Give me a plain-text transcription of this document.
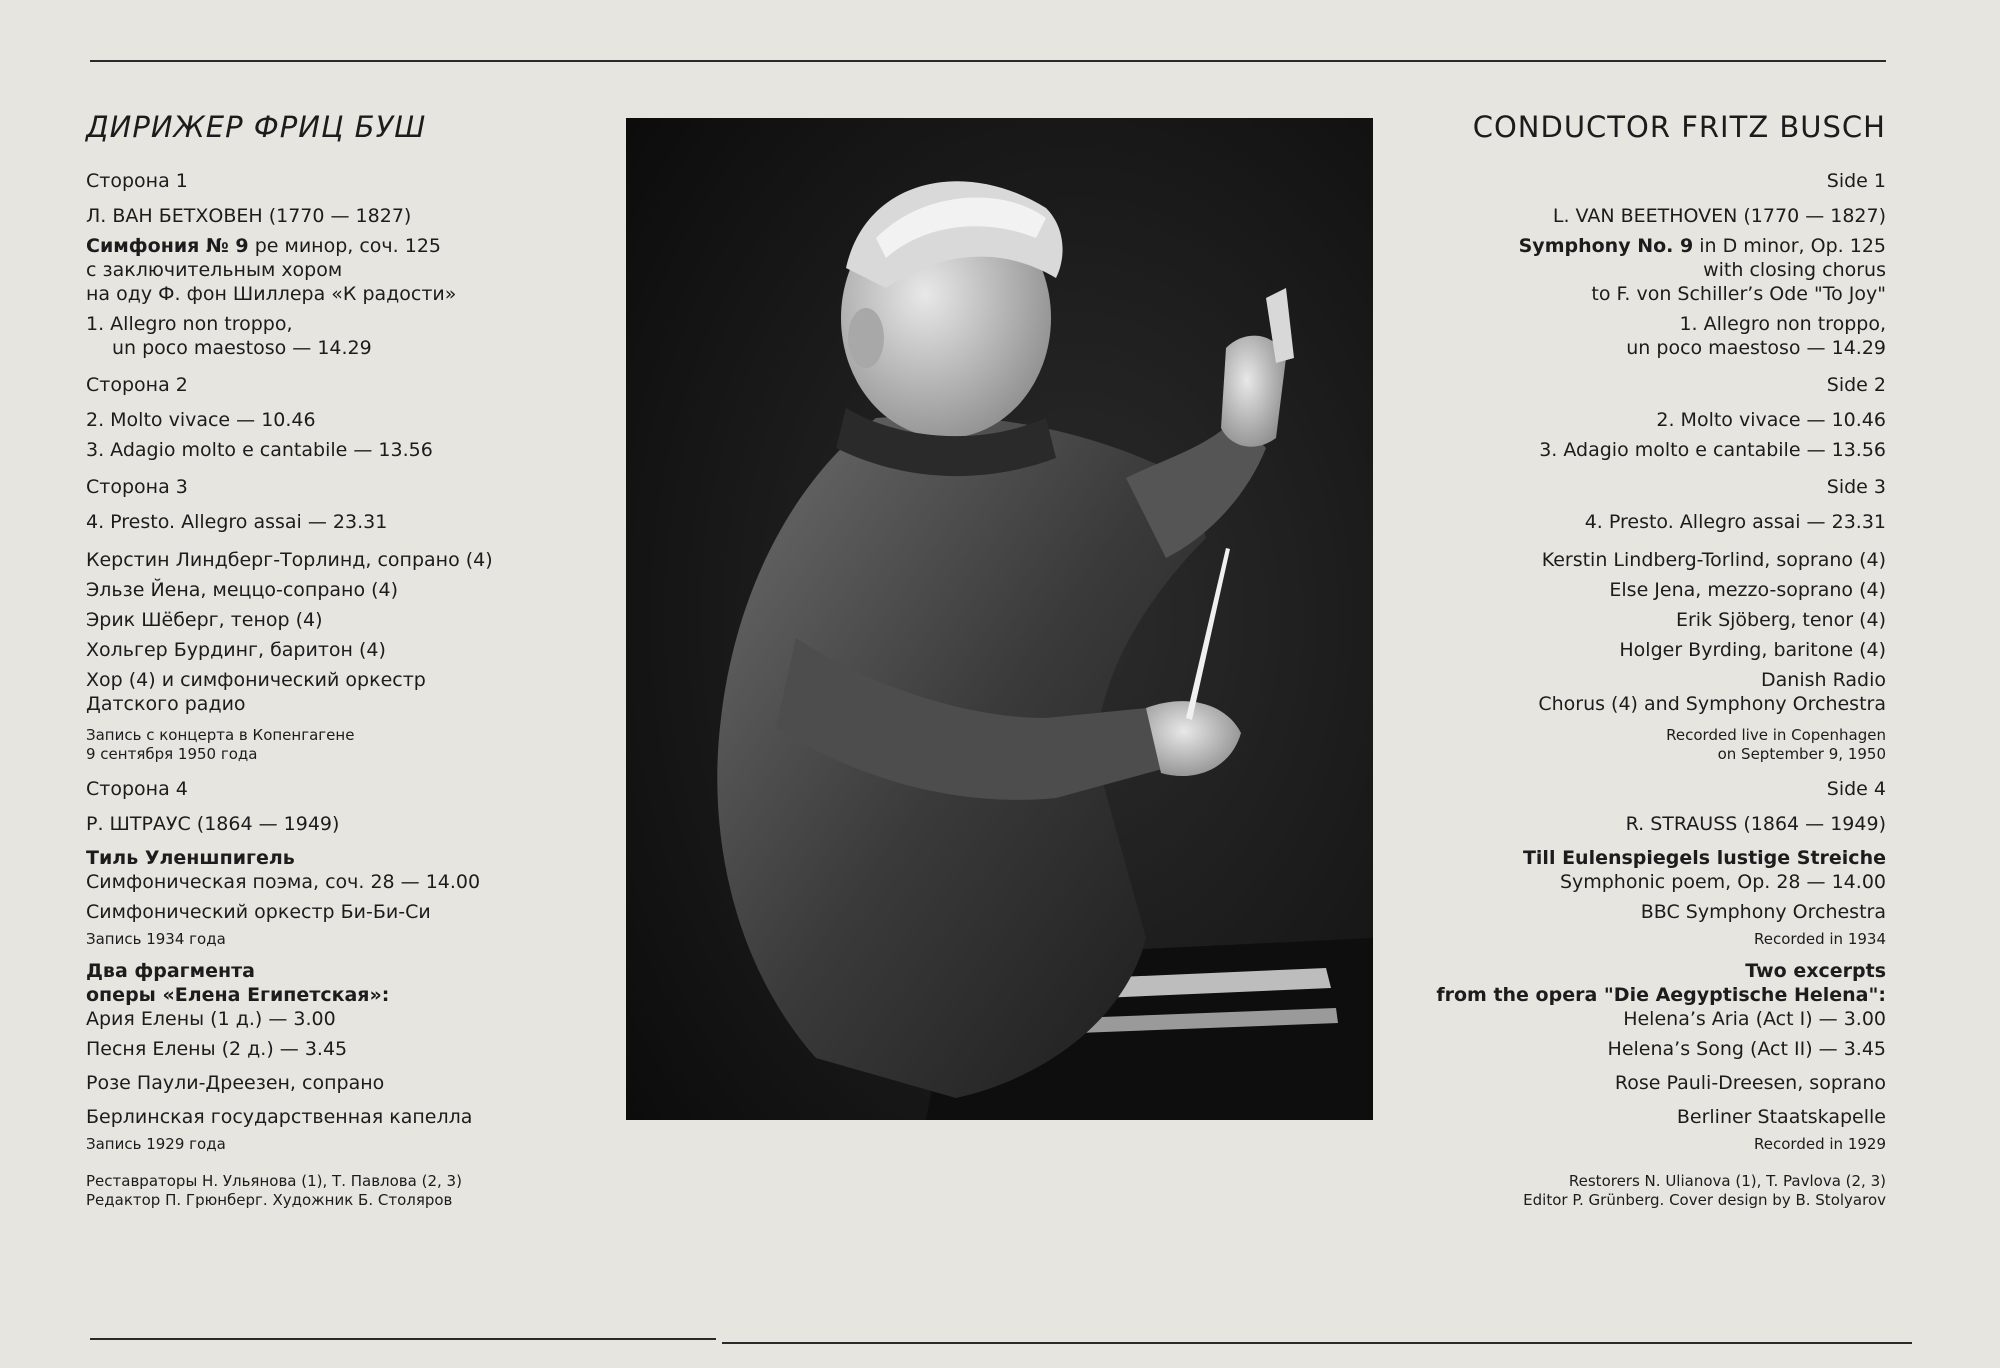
ДИРИЖЕР ФРИЦ БУШ

Сторона 1

Л. ВАН БЕТХОВЕН (1770 — 1827)

Симфония № 9 ре минор, соч. 125

с заключительным хором

на оду Ф. фон Шиллера «К радости»

1. Allegro non troppo,

un poco maestoso — 14.29

Сторона 2

2. Molto vivace — 10.46

3. Adagio molto e cantabile — 13.56

Сторона 3

4. Presto. Allegro assai — 23.31

Керстин Линдберг-Торлинд, сопрано (4)

Эльзе Йена, меццо-сопрано (4)

Эрик Шёберг, тенор (4)

Хольгер Бурдинг, баритон (4)

Хор (4) и симфонический оркестр

Датского радио

Запись с концерта в Копенгагене

9 сентября 1950 года

Сторона 4

Р. ШТРАУС (1864 — 1949)

Тиль Уленшпигель

Симфоническая поэма, соч. 28 — 14.00

Симфонический оркестр Би-Би-Си

Запись 1934 года

Два фрагмента

оперы «Елена Египетская»:

Ария Елены (1 д.) — 3.00

Песня Елены (2 д.) — 3.45

Розе Паули-Дреезен, сопрано

Берлинская государственная капелла

Запись 1929 года

Реставраторы Н. Ульянова (1), Т. Павлова (2, 3)

Редактор П. Грюнберг. Художник Б. Столяров

CONDUCTOR FRITZ BUSCH

Side 1

L. VAN BEETHOVEN (1770 — 1827)

Symphony No. 9 in D minor, Op. 125

with closing chorus

to F. von Schiller’s Ode "To Joy"

1. Allegro non troppo,

un poco maestoso — 14.29

Side 2

2. Molto vivace — 10.46

3. Adagio molto e cantabile — 13.56

Side 3

4. Presto. Allegro assai — 23.31

Kerstin Lindberg-Torlind, soprano (4)

Else Jena, mezzo-soprano (4)

Erik Sjöberg, tenor (4)

Holger Byrding, baritone (4)

Danish Radio

Chorus (4) and Symphony Orchestra

Recorded live in Copenhagen

on September 9, 1950

Side 4

R. STRAUSS (1864 — 1949)

Till Eulenspiegels lustige Streiche

Symphonic poem, Op. 28 — 14.00

BBC Symphony Orchestra

Recorded in 1934

Two excerpts

from the opera "Die Aegyptische Helena":

Helena’s Aria (Act I) — 3.00

Helena’s Song (Act II) — 3.45

Rose Pauli-Dreesen, soprano

Berliner Staatskapelle

Recorded in 1929

Restorers N. Ulianova (1), T. Pavlova (2, 3)

Editor P. Grünberg. Cover design by B. Stolyarov
